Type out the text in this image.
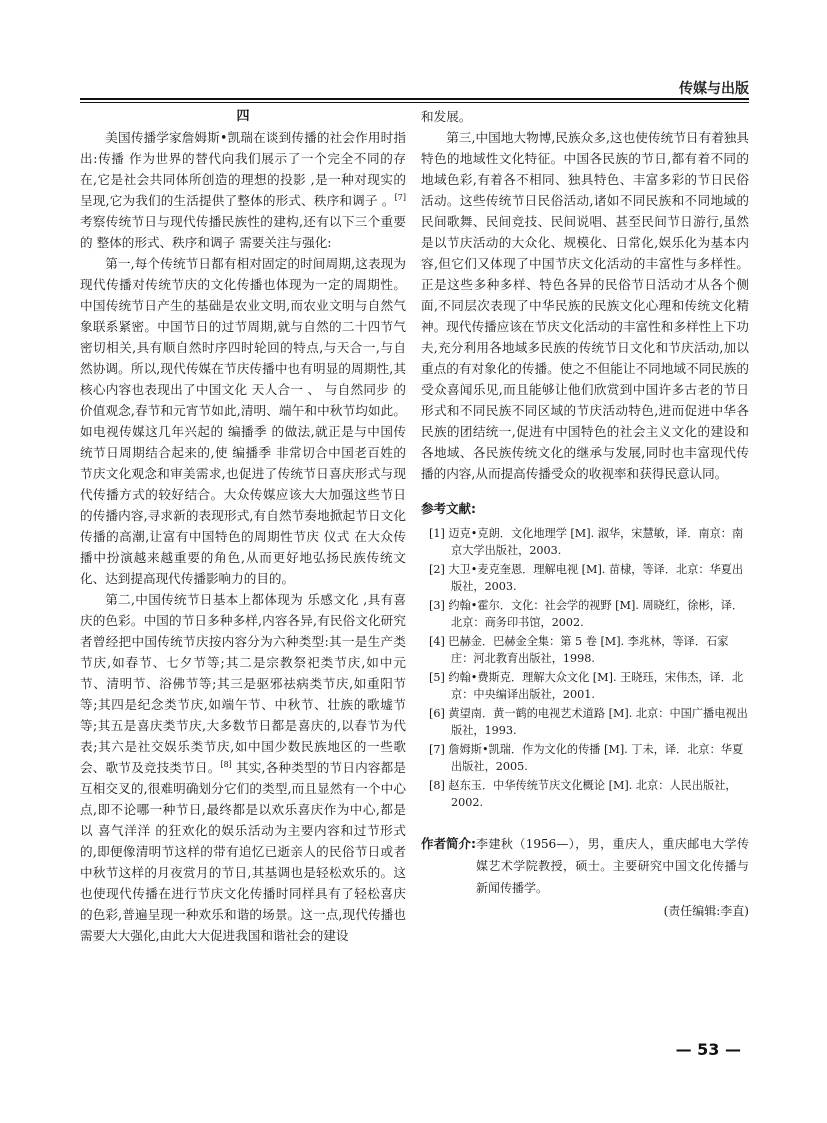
传媒与出版
四

美国传播学家詹姆斯•凯瑞在谈到传播的社会作用时指出:传播 作为世界的替代向我们展示了一个完全不同的存在,它是社会共同体所创造的理想的投影 ,是一种对现实的呈现,它为我们的生活提供了整体的形式、秩序和调子 。[7] 考察传统节日与现代传播民族性的建构,还有以下三个重要的 整体的形式、秩序和调子 需要关注与强化:

第一,每个传统节日都有相对固定的时间周期,这表现为现代传播对传统节庆的文化传播也体现为一定的周期性。中国传统节日产生的基础是农业文明,而农业文明与自然气象联系紧密。中国节日的过节周期,就与自然的二十四节气密切相关,具有顺自然时序四时轮回的特点,与天合一,与自然协调。所以,现代传媒在节庆传播中也有明显的周期性,其核心内容也表现出了中国文化 天人合一 、 与自然同步 的价值观念,春节和元宵节如此,清明、端午和中秋节均如此。如电视传媒这几年兴起的 编播季 的做法,就正是与中国传统节日周期结合起来的,使 编播季 非常切合中国老百姓的节庆文化观念和审美需求,也促进了传统节日喜庆形式与现代传播方式的较好结合。大众传媒应该大大加强这些节日的传播内容,寻求新的表现形式,有自然节奏地掀起节日文化传播的高潮,让富有中国特色的周期性节庆 仪式 在大众传播中扮演越来越重要的角色,从而更好地弘扬民族传统文化、达到提高现代传播影响力的目的。

第二,中国传统节日基本上都体现为 乐感文化 ,具有喜庆的色彩。中国的节日多种多样,内容各异,有民俗文化研究者曾经把中国传统节庆按内容分为六种类型:其一是生产类节庆,如春节、七夕节等;其二是宗教祭祀类节庆,如中元节、清明节、浴佛节等;其三是驱邪祛病类节庆,如重阳节等;其四是纪念类节庆,如端午节、中秋节、壮族的歌墟节等;其五是喜庆类节庆,大多数节日都是喜庆的,以春节为代表;其六是社交娱乐类节庆,如中国少数民族地区的一些歌会、歌节及竞技类节日。[8] 其实,各种类型的节日内容都是互相交叉的,很难明确划分它们的类型,而且显然有一个中心点,即不论哪一种节日,最终都是以欢乐喜庆作为中心,都是以 喜气洋洋 的狂欢化的娱乐活动为主要内容和过节形式的,即便像清明节这样的带有追忆已逝亲人的民俗节日或者中秋节这样的月夜赏月的节日,其基调也是轻松欢乐的。这也使现代传播在进行节庆文化传播时同样具有了轻松喜庆的色彩,普遍呈现一种欢乐和谐的场景。这一点,现代传播也需要大大强化,由此大大促进我国和谐社会的建设

和发展。

第三,中国地大物博,民族众多,这也使传统节日有着独具特色的地域性文化特征。中国各民族的节日,都有着不同的地域色彩,有着各不相同、独具特色、丰富多彩的节日民俗活动。这些传统节日民俗活动,诸如不同民族和不同地域的民间歌舞、民间竞技、民间说唱、甚至民间节日游行,虽然是以节庆活动的大众化、规模化、日常化,娱乐化为基本内容,但它们又体现了中国节庆文化活动的丰富性与多样性。正是这些多种多样、特色各异的民俗节日活动才从各个侧面,不同层次表现了中华民族的民族文化心理和传统文化精神。现代传播应该在节庆文化活动的丰富性和多样性上下功夫,充分利用各地域多民族的传统节日文化和节庆活动,加以重点的有对象化的传播。使之不但能让不同地域不同民族的受众喜闻乐见,而且能够让他们欣赏到中国许多古老的节日形式和不同民族不同区域的节庆活动特色,进而促进中华各民族的团结统一,促进有中国特色的社会主义文化的建设和各地域、各民族传统文化的继承与发展,同时也丰富现代传播的内容,从而提高传播受众的收视率和获得民意认同。

参考文献:

[1] 迈克•克朗．文化地理学 [M]. 淑华，宋慧敏，译．南京：南京大学出版社，2003.

[2] 大卫•麦克奎恩．理解电视 [M]. 苗棣，等译．北京：华夏出版社，2003.

[3] 约翰•霍尔．文化：社会学的视野 [M]. 周晓红，徐彬，译．北京：商务印书馆，2002.

[4] 巴赫金．巴赫金全集：第 5 卷 [M]. 李兆林，等译．石家庄：河北教育出版社，1998.

[5] 约翰•费斯克．理解大众文化 [M]. 王晓珏，宋伟杰，译．北京：中央编译出版社，2001.

[6] 黄望南．黄一鹤的电视艺术道路 [M]. 北京：中国广播电视出版社，1993.

[7] 詹姆斯•凯瑞．作为文化的传播 [M]. 丁未，译．北京：华夏出版社，2005.

[8] 赵东玉．中华传统节庆文化概论 [M]. 北京：人民出版社，2002.

作者简介: 李建秋（1956—），男，重庆人，重庆邮电大学传媒艺术学院教授，硕士。主要研究中国文化传播与新闻传播学。
(责任编辑:李直)
— 53 —
